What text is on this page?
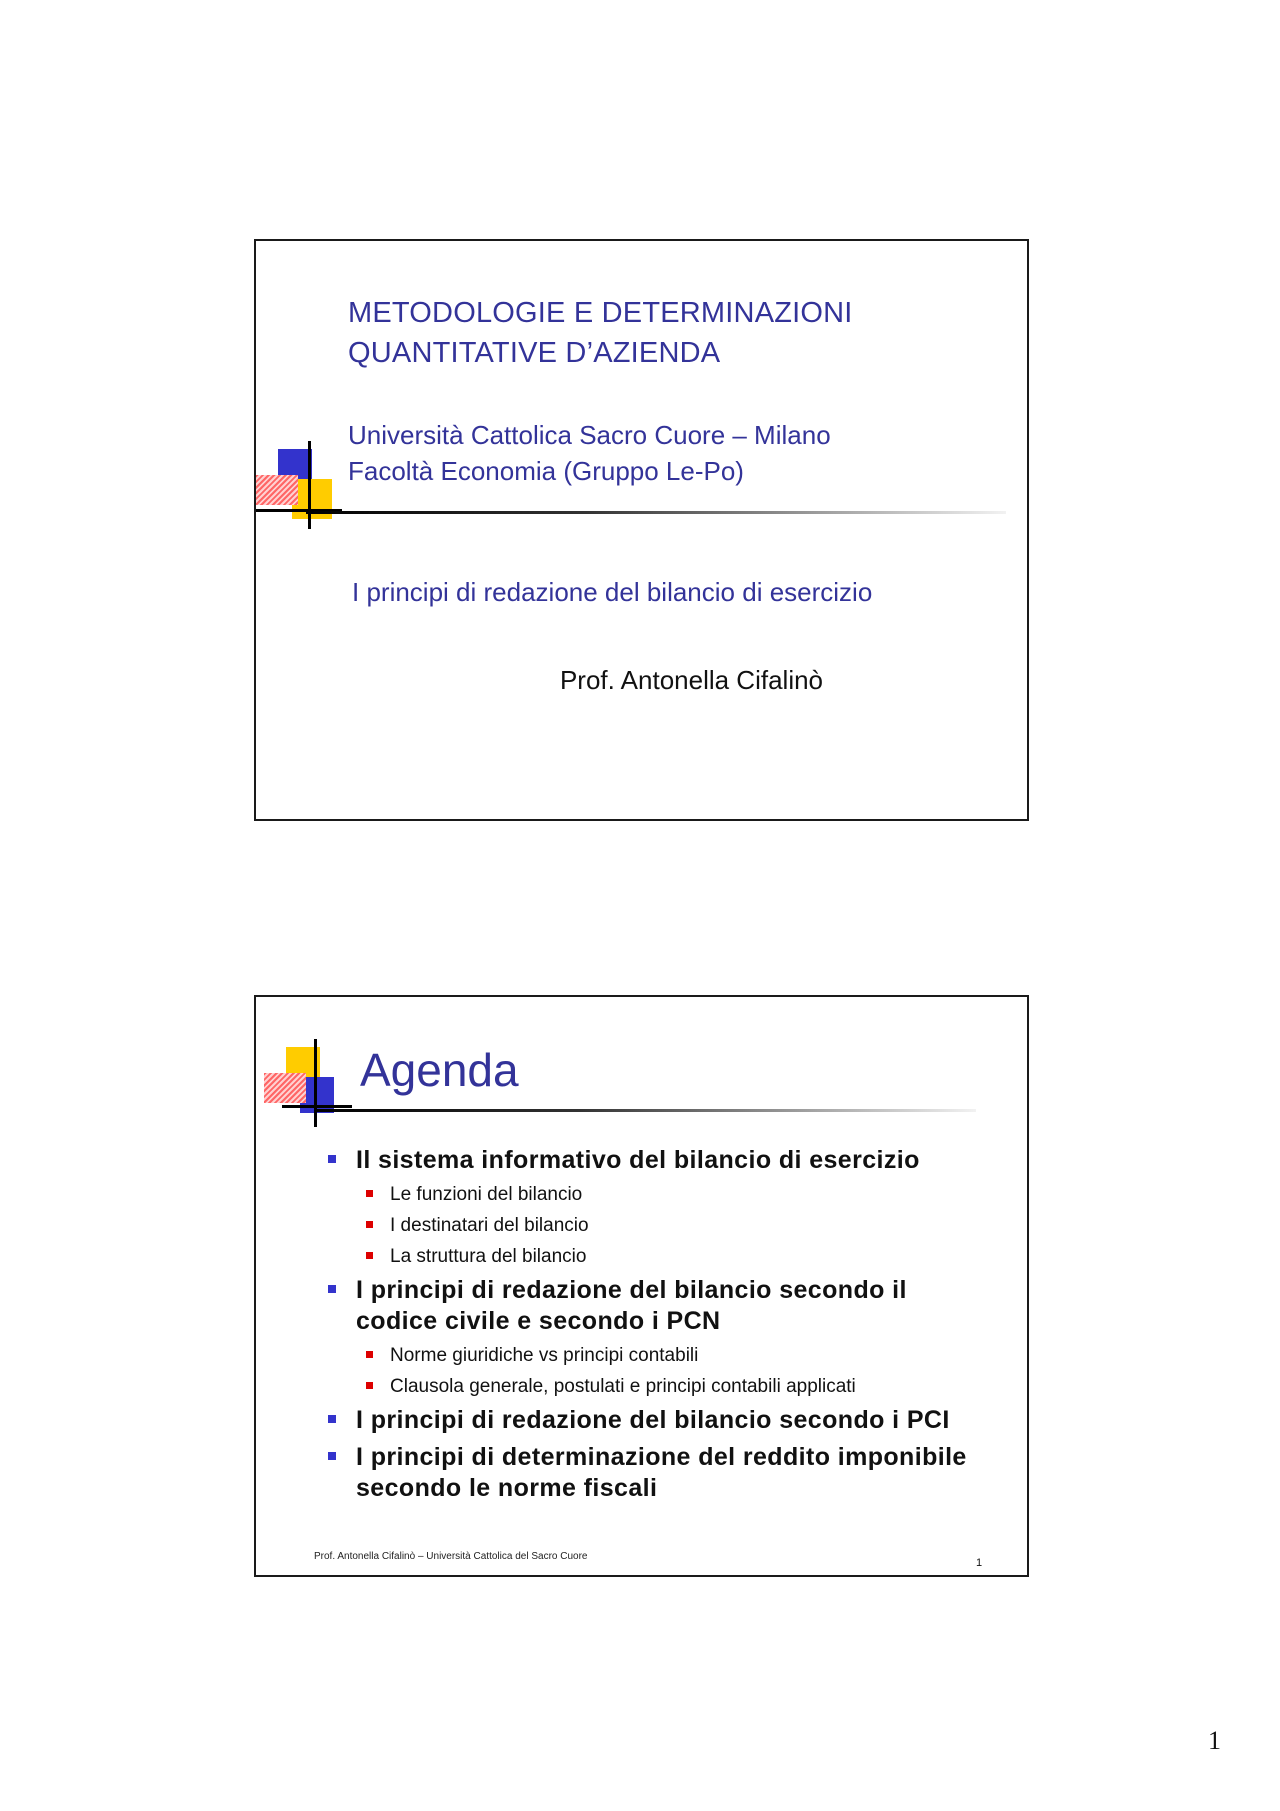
METODOLOGIE E DETERMINAZIONI
QUANTITATIVE D’AZIENDA
Università Cattolica Sacro Cuore – Milano
Facoltà Economia (Gruppo Le-Po)
I principi di redazione del bilancio di esercizio
Prof. Antonella Cifalinò
Agenda
Il sistema informativo del bilancio di esercizio
Le funzioni del bilancio
I destinatari del bilancio
La struttura del bilancio
I principi di redazione del bilancio secondo il codice civile e secondo i PCN
Norme giuridiche vs principi contabili
Clausola generale, postulati e principi contabili applicati
I principi di redazione del bilancio secondo i PCI
I principi di determinazione del reddito imponibile secondo le norme fiscali
Prof. Antonella Cifalinò – Università Cattolica del Sacro Cuore
1
1
